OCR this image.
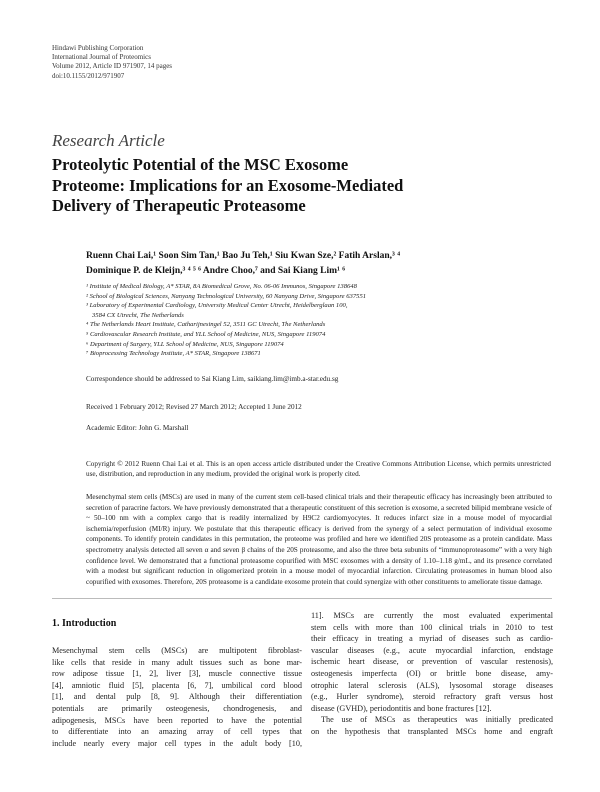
Hindawi Publishing Corporation
International Journal of Proteomics
Volume 2012, Article ID 971907, 14 pages
doi:10.1155/2012/971907
Research Article
Proteolytic Potential of the MSC Exosome
Proteome: Implications for an Exosome-Mediated
Delivery of Therapeutic Proteasome
Ruenn Chai Lai,¹ Soon Sim Tan,¹ Bao Ju Teh,¹ Siu Kwan Sze,² Fatih Arslan,³ ⁴
Dominique P. de Kleijn,³ ⁴ ⁵ ⁶ Andre Choo,⁷ and Sai Kiang Lim¹ ⁶
¹ Institute of Medical Biology, A* STAR, 8A Biomedical Grove, No. 06-06 Immunos, Singapore 138648
² School of Biological Sciences, Nanyang Technological University, 60 Nanyang Drive, Singapore 637551
³ Laboratory of Experimental Cardiology, University Medical Center Utrecht, Heidelberglaan 100,
3584 CX Utrecht, The Netherlands
⁴ The Netherlands Heart Institute, Catharijnesingel 52, 3511 GC Utrecht, The Netherlands
⁵ Cardiovascular Research Institute, and YLL School of Medicine, NUS, Singapore 119074
⁶ Department of Surgery, YLL School of Medicine, NUS, Singapore 119074
⁷ Bioprocessing Technology Institute, A* STAR, Singapore 138671
Correspondence should be addressed to Sai Kiang Lim, saikiang.lim@imb.a-star.edu.sg
Received 1 February 2012; Revised 27 March 2012; Accepted 1 June 2012
Academic Editor: John G. Marshall
Copyright © 2012 Ruenn Chai Lai et al. This is an open access article distributed under the Creative Commons Attribution License, which permits unrestricted use, distribution, and reproduction in any medium, provided the original work is properly cited.
Mesenchymal stem cells (MSCs) are used in many of the current stem cell-based clinical trials and their therapeutic efficacy has increasingly been attributed to secretion of paracrine factors. We have previously demonstrated that a therapeutic constituent of this secretion is exosome, a secreted bilipid membrane vesicle of ~ 50–100 nm with a complex cargo that is readily internalized by H9C2 cardiomyocytes. It reduces infarct size in a mouse model of myocardial ischemia/reperfusion (MI/R) injury. We postulate that this therapeutic efficacy is derived from the synergy of a select permutation of individual exosome components. To identify protein candidates in this permutation, the proteome was profiled and here we identified 20S proteasome as a protein candidate. Mass spectrometry analysis detected all seven α and seven β chains of the 20S proteasome, and also the three beta subunits of “immunoproteasome” with a very high confidence level. We demonstrated that a functional proteasome copurified with MSC exosomes with a density of 1.10–1.18 g/mL, and its presence correlated with a modest but significant reduction in oligomerized protein in a mouse model of myocardial infarction. Circulating proteasomes in human blood also copurified with exosomes. Therefore, 20S proteasome is a candidate exosome protein that could synergize with other constituents to ameliorate tissue damage.
1. Introduction
Mesenchymal stem cells (MSCs) are multipotent fibroblast-
like cells that reside in many adult tissues such as bone mar-
row adipose tissue [1, 2], liver [3], muscle connective tissue
[4], amniotic fluid [5], placenta [6, 7], umbilical cord blood
[1], and dental pulp [8, 9]. Although their differentiation
potentials are primarily osteogenesis, chondrogenesis, and
adipogenesis, MSCs have been reported to have the potential
to differentiate into an amazing array of cell types that
include nearly every major cell types in the adult body [10,
11]. MSCs are currently the most evaluated experimental
stem cells with more than 100 clinical trials in 2010 to test
their efficacy in treating a myriad of diseases such as cardio-
vascular diseases (e.g., acute myocardial infarction, endstage
ischemic heart disease, or prevention of vascular restenosis),
osteogenesis imperfecta (OI) or brittle bone disease, amy-
otrophic lateral sclerosis (ALS), lysosomal storage diseases
(e.g., Hurler syndrome), steroid refractory graft versus host
disease (GVHD), periodontitis and bone fractures [12].
The use of MSCs as therapeutics was initially predicated
on the hypothesis that transplanted MSCs home and engraft
